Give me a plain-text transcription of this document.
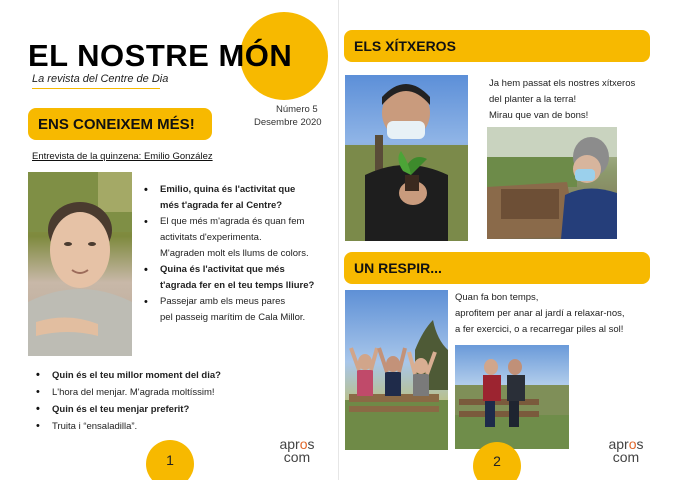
EL NOSTRE MÓN
La revista del Centre de Dia
Número 5
Desembre 2020
ENS CONEIXEM MÉS!
Entrevista de la quinzena: Emilio González
• Emilio, quina és l'activitat que
més t'agrada fer al Centre?
• El que més m'agrada és quan fem
activitats d'experimenta.
M'agraden molt els llums de colors.
• Quina és l'activitat que més
t'agrada fer en el teu temps lliure?
• Passejar amb els meus pares
pel passeig marítim de Cala Millor.
• Quin és el teu millor moment del dia?
• L'hora del menjar. M'agrada moltíssim!
• Quin és el teu menjar preferit?
• Truita i “ensaladilla”.
apros
com
1
ELS XÍTXEROS
Ja hem passat els nostres xítxeros
del planter a la terra!
Mirau que van de bons!
UN RESPIR...
Quan fa bon temps,
aprofitem per anar al jardí a relaxar-nos,
a fer exercici, o a recarregar piles al sol!
apros
com
2
